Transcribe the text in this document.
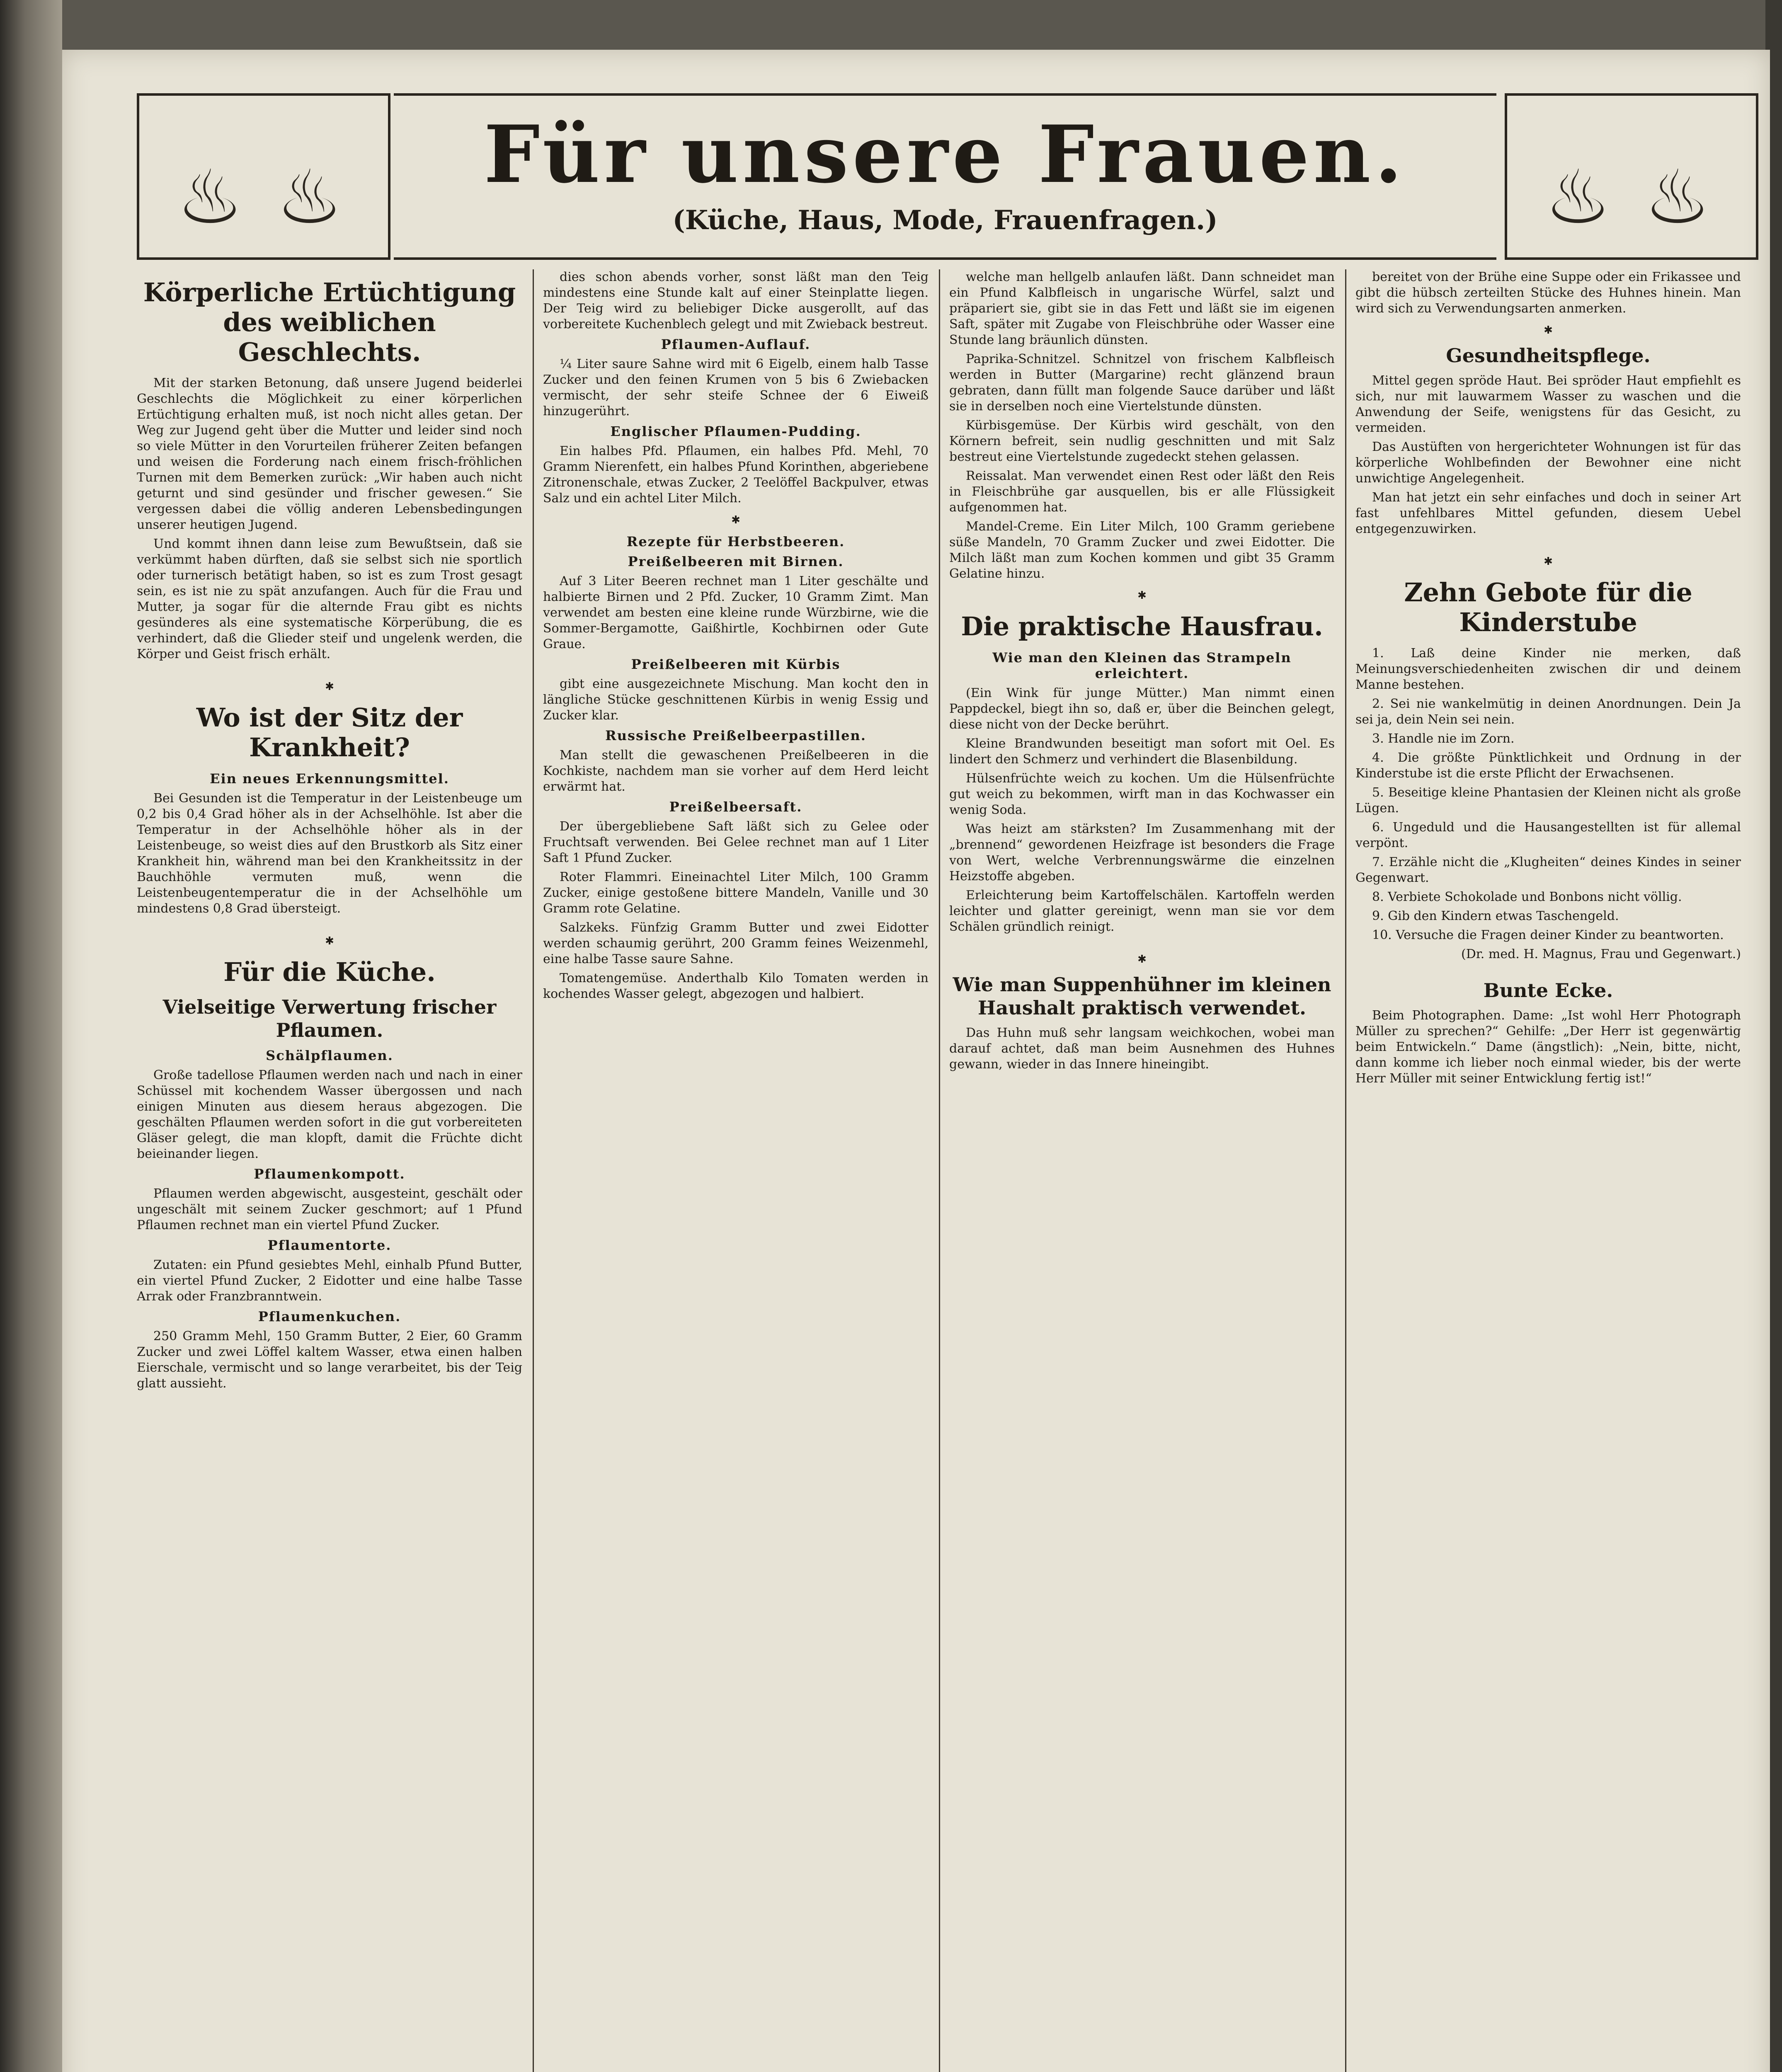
♨ ♨	Für unsere Frauen.
(Küche, Haus, Mode, Frauenfragen.)	♨ ♨
Körperliche Ertüchtigung des weiblichen Geschlechts.

Mit der starken Betonung, daß unsere Jugend beiderlei Geschlechts die Möglichkeit zu einer körperlichen Ertüchtigung erhalten muß, ist noch nicht alles getan. Der Weg zur Jugend geht über die Mutter und leider sind noch so viele Mütter in den Vorurteilen früherer Zeiten befangen und weisen die Forderung nach einem frisch-fröhlichen Turnen mit dem Bemerken zurück: „Wir haben auch nicht geturnt und sind gesünder und frischer gewesen.“ Sie vergessen dabei die völlig anderen Lebensbedingungen unserer heutigen Jugend.

Und kommt ihnen dann leise zum Bewußtsein, daß sie verkümmt haben dürften, daß sie selbst sich nie sportlich oder turnerisch betätigt haben, so ist es zum Trost gesagt sein, es ist nie zu spät anzufangen. Auch für die Frau und Mutter, ja sogar für die alternde Frau gibt es nichts gesünderes als eine systematische Körperübung, die es verhindert, daß die Glieder steif und ungelenk werden, die Körper und Geist frisch erhält.

✱
Wo ist der Sitz der Krankheit?
Ein neues Erkennungsmittel.

Bei Gesunden ist die Temperatur in der Leistenbeuge um 0,2 bis 0,4 Grad höher als in der Achselhöhle. Ist aber die Temperatur in der Achselhöhle höher als in der Leistenbeuge, so weist dies auf den Brustkorb als Sitz einer Krankheit hin, während man bei den Krankheitssitz in der Bauchhöhle vermuten muß, wenn die Leistenbeugentemperatur die in der Achselhöhle um mindestens 0,8 Grad übersteigt.

✱
Für die Küche.
Vielseitige Verwertung frischer Pflaumen.
Schälpflaumen.

Große tadellose Pflaumen werden nach und nach in einer Schüssel mit kochendem Wasser übergossen und nach einigen Minuten aus diesem heraus abgezogen. Die geschälten Pflaumen werden sofort in die gut vorbereiteten Gläser gelegt, die man klopft, damit die Früchte dicht beieinander liegen.

Pflaumenkompott.

Pflaumen werden abgewischt, ausgesteint, geschält oder ungeschält mit seinem Zucker geschmort; auf 1 Pfund Pflaumen rechnet man ein viertel Pfund Zucker.

Pflaumentorte.

Zutaten: ein Pfund gesiebtes Mehl, einhalb Pfund Butter, ein viertel Pfund Zucker, 2 Eidotter und eine halbe Tasse Arrak oder Franzbranntwein.

Pflaumenkuchen.

250 Gramm Mehl, 150 Gramm Butter, 2 Eier, 60 Gramm Zucker und zwei Löffel kaltem Wasser, etwa einen halben Eierschale, vermischt und so lange verarbeitet, bis der Teig glatt aussieht.

dies schon abends vorher, sonst läßt man den Teig mindestens eine Stunde kalt auf einer Steinplatte liegen. Der Teig wird zu beliebiger Dicke ausgerollt, auf das vorbereitete Kuchenblech gelegt und mit Zwieback bestreut.

Pflaumen-Auflauf.

¼ Liter saure Sahne wird mit 6 Eigelb, einem halb Tasse Zucker und den feinen Krumen von 5 bis 6 Zwiebacken vermischt, der sehr steife Schnee der 6 Eiweiß hinzugerührt.

Englischer Pflaumen-Pudding.

Ein halbes Pfd. Pflaumen, ein halbes Pfd. Mehl, 70 Gramm Nierenfett, ein halbes Pfund Korinthen, abgeriebene Zitronenschale, etwas Zucker, 2 Teelöffel Backpulver, etwas Salz und ein achtel Liter Milch.

✱
Rezepte für Herbstbeeren.
Preißelbeeren mit Birnen.

Auf 3 Liter Beeren rechnet man 1 Liter geschälte und halbierte Birnen und 2 Pfd. Zucker, 10 Gramm Zimt. Man verwendet am besten eine kleine runde Würzbirne, wie die Sommer-Bergamotte, Gaißhirtle, Kochbirnen oder Gute Graue.

Preißelbeeren mit Kürbis

gibt eine ausgezeichnete Mischung. Man kocht den in längliche Stücke geschnittenen Kürbis in wenig Essig und Zucker klar.

Russische Preißelbeerpastillen.

Man stellt die gewaschenen Preißelbeeren in die Kochkiste, nachdem man sie vorher auf dem Herd leicht erwärmt hat.

Preißelbeersaft.

Der übergebliebene Saft läßt sich zu Gelee oder Fruchtsaft verwenden. Bei Gelee rechnet man auf 1 Liter Saft 1 Pfund Zucker.

Roter Flammri. Eineinachtel Liter Milch, 100 Gramm Zucker, einige gestoßene bittere Mandeln, Vanille und 30 Gramm rote Gelatine.

Salzkeks. Fünfzig Gramm Butter und zwei Eidotter werden schaumig gerührt, 200 Gramm feines Weizenmehl, eine halbe Tasse saure Sahne.

Tomatengemüse. Anderthalb Kilo Tomaten werden in kochendes Wasser gelegt, abgezogen und halbiert.

welche man hellgelb anlaufen läßt. Dann schneidet man ein Pfund Kalbfleisch in ungarische Würfel, salzt und präpariert sie, gibt sie in das Fett und läßt sie im eigenen Saft, später mit Zugabe von Fleischbrühe oder Wasser eine Stunde lang bräunlich dünsten.

Paprika-Schnitzel. Schnitzel von frischem Kalbfleisch werden in Butter (Margarine) recht glänzend braun gebraten, dann füllt man folgende Sauce darüber und läßt sie in derselben noch eine Viertelstunde dünsten.

Kürbisgemüse. Der Kürbis wird geschält, von den Körnern befreit, sein nudlig geschnitten und mit Salz bestreut eine Viertelstunde zugedeckt stehen gelassen.

Reissalat. Man verwendet einen Rest oder läßt den Reis in Fleischbrühe gar ausquellen, bis er alle Flüssigkeit aufgenommen hat.

Mandel-Creme. Ein Liter Milch, 100 Gramm geriebene süße Mandeln, 70 Gramm Zucker und zwei Eidotter. Die Milch läßt man zum Kochen kommen und gibt 35 Gramm Gelatine hinzu.

✱
Die praktische Hausfrau.
Wie man den Kleinen das Strampeln erleichtert.

(Ein Wink für junge Mütter.) Man nimmt einen Pappdeckel, biegt ihn so, daß er, über die Beinchen gelegt, diese nicht von der Decke berührt.

Kleine Brandwunden beseitigt man sofort mit Oel. Es lindert den Schmerz und verhindert die Blasenbildung.

Hülsenfrüchte weich zu kochen. Um die Hülsenfrüchte gut weich zu bekommen, wirft man in das Kochwasser ein wenig Soda.

Was heizt am stärksten? Im Zusammenhang mit der „brennend“ gewordenen Heizfrage ist besonders die Frage von Wert, welche Verbrennungswärme die einzelnen Heizstoffe abgeben.

Erleichterung beim Kartoffelschälen. Kartoffeln werden leichter und glatter gereinigt, wenn man sie vor dem Schälen gründlich reinigt.

✱
Wie man Suppenhühner im kleinen Haushalt praktisch verwendet.

Das Huhn muß sehr langsam weichkochen, wobei man darauf achtet, daß man beim Ausnehmen des Huhnes gewann, wieder in das Innere hineingibt.

bereitet von der Brühe eine Suppe oder ein Frikassee und gibt die hübsch zerteilten Stücke des Huhnes hinein. Man wird sich zu Verwendungsarten anmerken.

✱
Gesundheitspflege.

Mittel gegen spröde Haut. Bei spröder Haut empfiehlt es sich, nur mit lauwarmem Wasser zu waschen und die Anwendung der Seife, wenigstens für das Gesicht, zu vermeiden.

Das Austüften von hergerichteter Wohnungen ist für das körperliche Wohlbefinden der Bewohner eine nicht unwichtige Angelegenheit.

Man hat jetzt ein sehr einfaches und doch in seiner Art fast unfehlbares Mittel gefunden, diesem Uebel entgegenzuwirken.

✱
Zehn Gebote für die Kinderstube

1. Laß deine Kinder nie merken, daß Meinungsverschiedenheiten zwischen dir und deinem Manne bestehen.

2. Sei nie wankelmütig in deinen Anordnungen. Dein Ja sei ja, dein Nein sei nein.

3. Handle nie im Zorn.

4. Die größte Pünktlichkeit und Ordnung in der Kinderstube ist die erste Pflicht der Erwachsenen.

5. Beseitige kleine Phantasien der Kleinen nicht als große Lügen.

6. Ungeduld und die Hausangestellten ist für allemal verpönt.

7. Erzähle nicht die „Klugheiten“ deines Kindes in seiner Gegenwart.

8. Verbiete Schokolade und Bonbons nicht völlig.

9. Gib den Kindern etwas Taschengeld.

10. Versuche die Fragen deiner Kinder zu beantworten.

(Dr. med. H. Magnus, Frau und Gegenwart.)

Bunte Ecke.

Beim Photographen. Dame: „Ist wohl Herr Photograph Müller zu sprechen?“ Gehilfe: „Der Herr ist gegenwärtig beim Entwickeln.“ Dame (ängstlich): „Nein, bitte, nicht, dann komme ich lieber noch einmal wieder, bis der werte Herr Müller mit seiner Entwicklung fertig ist!“
